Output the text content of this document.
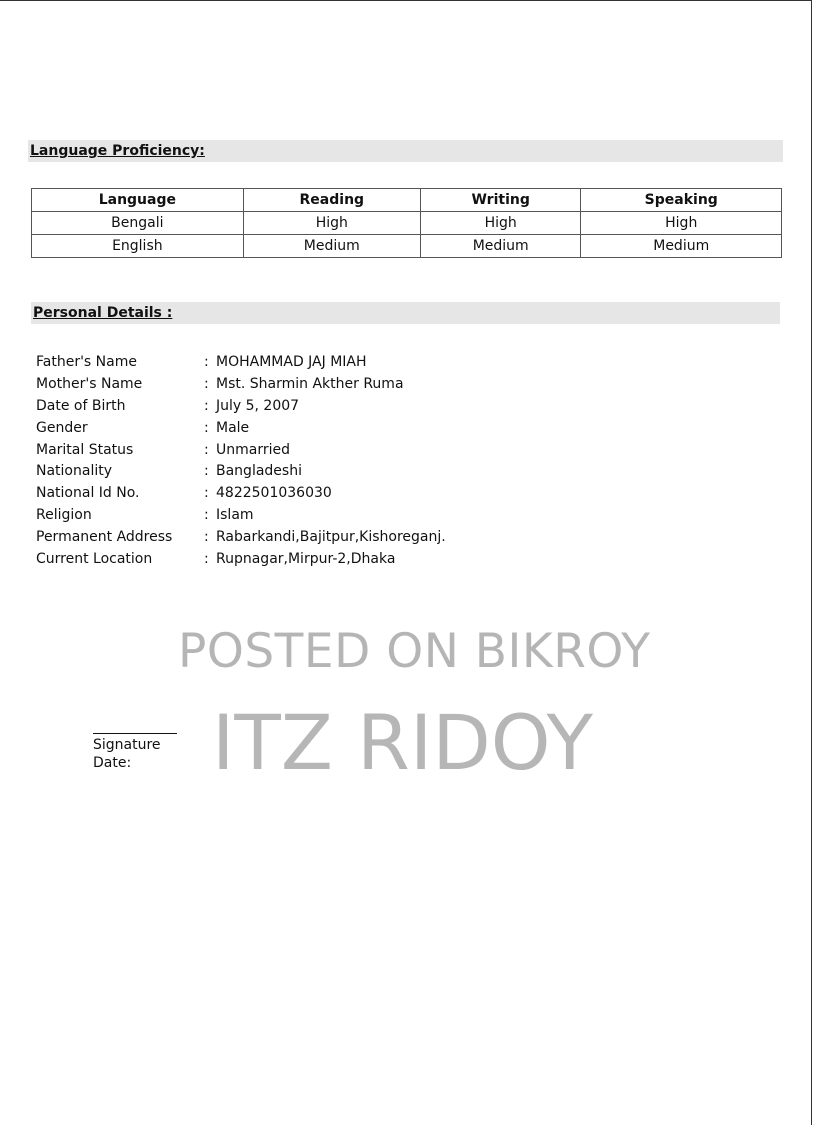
Language Proficiency:
Language	Reading	Writing	Speaking
Bengali	High	High	High
English	Medium	Medium	Medium
Personal Details :
Father's Name	: MOHAMMAD JAJ MIAH
Mother's Name	: Mst. Sharmin Akther Ruma
Date of Birth	: July 5, 2007
Gender	: Male
Marital Status	: Unmarried
Nationality	: Bangladeshi
National Id No.	: 4822501036030
Religion	: Islam
Permanent Address	: Rabarkandi,Bajitpur,Kishoreganj.
Current Location	: Rupnagar,Mirpur-2,Dhaka
POSTED ON BIKROY
ITZ RIDOY
Signature
Date:
